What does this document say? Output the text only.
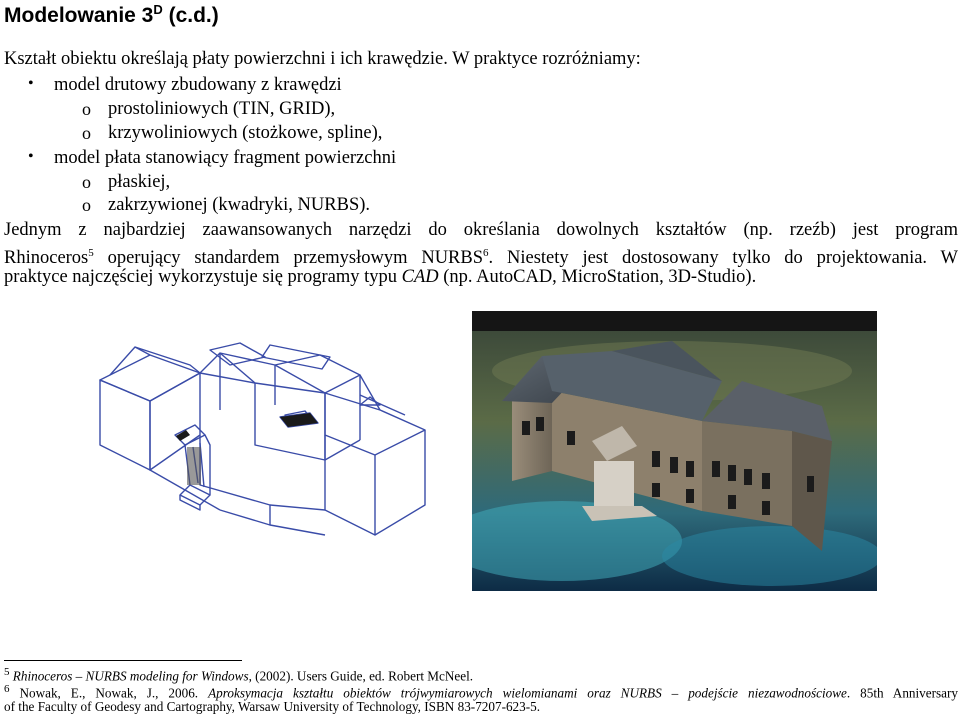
Modelowanie $3^D$ (c.d.)
Kształt obiektu określają płaty powierzchni i ich krawędzie. W praktyce rozróżniamy:
• model drutowy zbudowany z krawędzi
o prostoliniowych (TIN, GRID),
o krzywoliniowych (stożkowe, spline),
• model płata stanowiący fragment powierzchni
o płaskiej,
o zakrzywionej (kwadryki, NURBS).
Jednym z najbardziej zaawansowanych narzędzi do określania dowolnych kształtów (np. rzeźb) jest program
Rhinoceros$^5$ operujący standardem przemysłowym NURBS$^6$. Niestety jest dostosowany tylko do projektowania. W
praktyce najczęściej wykorzystuje się programy typu CAD (np. AutoCAD, MicroStation, 3D-Studio).
$^5$ Rhinoceros – NURBS modeling for Windows, (2002). Users Guide, ed. Robert McNeel.
$^6$ Nowak, E., Nowak, J., 2006. Aproksymacja kształtu obiektów trójwymiarowych wielomianami oraz NURBS – podejście niezawodnościowe. 85th Anniversary
of the Faculty of Geodesy and Cartography, Warsaw University of Technology, ISBN 83-7207-623-5.
